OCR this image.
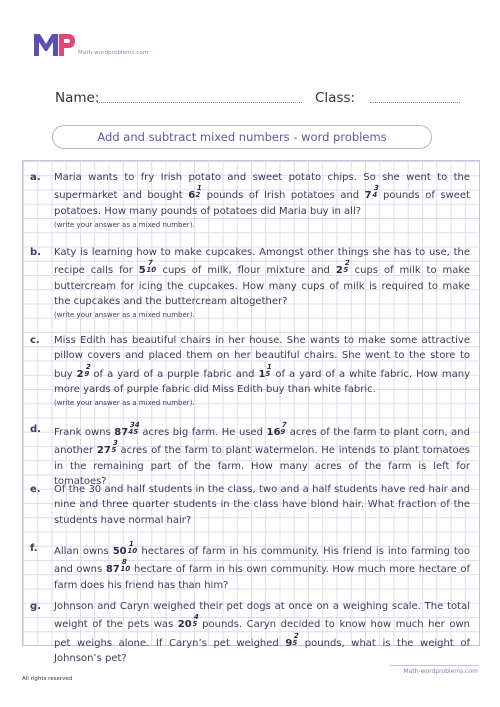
Math-wordproblems.com
Name:	Class:
Add and subtract mixed numbers - word problems
a. Maria wants to fry Irish potato and sweet potato chips. So she went to the supermarket and bought 6
1
2 pounds of Irish potatoes and 7
3
4 pounds of sweet potatoes. How many pounds of potatoes did Maria buy in all?
(write your answer as a mixed number).
b. Katy is learning how to make cupcakes. Amongst other things she has to use, the recipe calls for 5
7
10 cups of milk, flour mixture and 2
2
5 cups of milk to make buttercream for icing the cupcakes. How many cups of milk is required to make the cupcakes and the buttercream altogether?
(write your answer as a mixed number).
c. Miss Edith has beautiful chairs in her house. She wants to make some attractive pillow covers and placed them on her beautiful chairs. She went to the store to buy 2
2
9 of a yard of a purple fabric and 1
1
5 of a yard of a white fabric. How many more yards of purple fabric did Miss Edith buy than white fabric.
(write your answer as a mixed number).
d. Frank owns 87
34
45 acres big farm. He used 16
7
9 acres of the farm to plant corn, and another 27
3
5 acres of the farm to plant watermelon. He intends to plant tomatoes in the remaining part of the farm. How many acres of the farm is left for tomatoes?
e. Of the 30 and half students in the class, two and a half students have red hair and nine and three quarter students in the class have blond hair. What fraction of the students have normal hair?
f. Allan owns 50
1
10 hectares of farm in his community. His friend is into farming too and owns 87
8
10 hectare of farm in his own community. How much more hectare of farm does his friend has than him?
g. Johnson and Caryn weighed their pet dogs at once on a weighing scale. The total weight of the pets was 20
4
5 pounds. Caryn decided to know how much her own pet weighs alone. If Caryn’s pet weighed 9
2
5 pounds, what is the weight of Johnson’s pet?
Math-wordproblems.com
All rights reserved
